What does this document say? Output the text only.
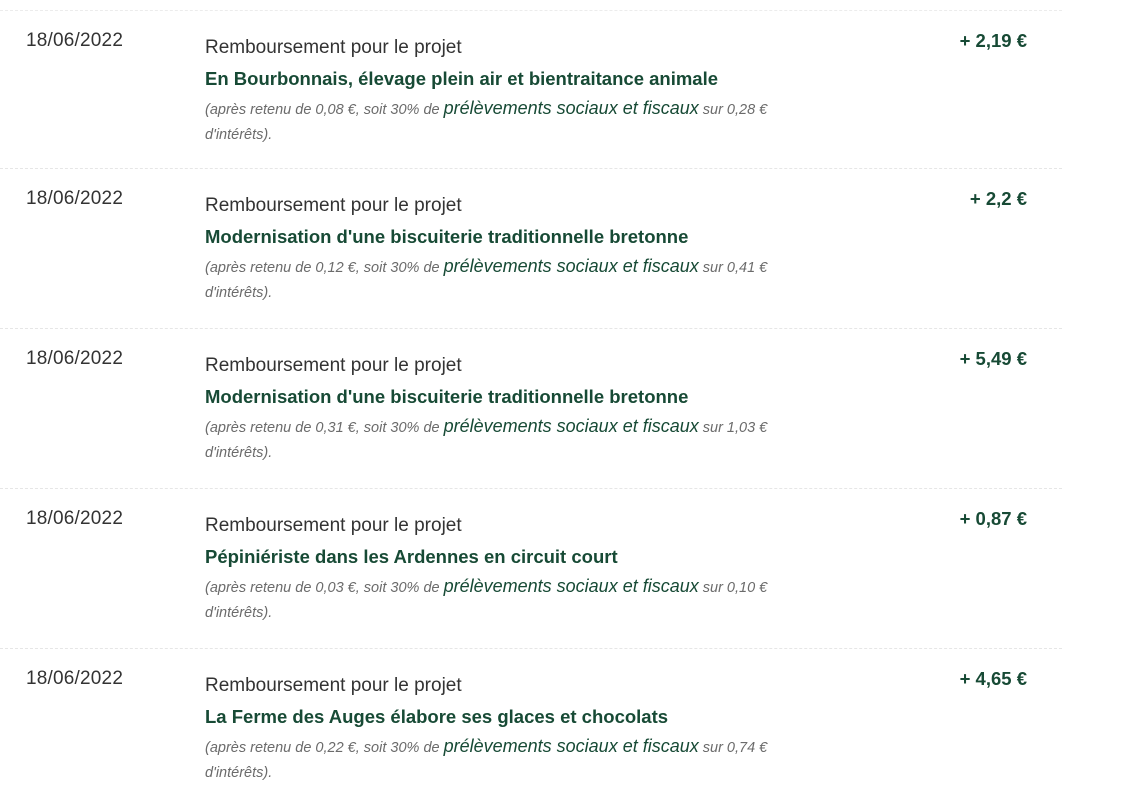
18/06/2022	Remboursement pour le projet
En Bourbonnais, élevage plein air et bientraitance animale
(après retenu de 0,08 €, soit 30% de prélèvements sociaux et fiscaux sur 0,28 € d'intérêts).
+ 2,19 €
18/06/2022	Remboursement pour le projet
Modernisation d'une biscuiterie traditionnelle bretonne
(après retenu de 0,12 €, soit 30% de prélèvements sociaux et fiscaux sur 0,41 € d'intérêts).
+ 2,2 €
18/06/2022	Remboursement pour le projet
Modernisation d'une biscuiterie traditionnelle bretonne
(après retenu de 0,31 €, soit 30% de prélèvements sociaux et fiscaux sur 1,03 € d'intérêts).
+ 5,49 €
18/06/2022	Remboursement pour le projet
Pépiniériste dans les Ardennes en circuit court
(après retenu de 0,03 €, soit 30% de prélèvements sociaux et fiscaux sur 0,10 € d'intérêts).
+ 0,87 €
18/06/2022	Remboursement pour le projet
La Ferme des Auges élabore ses glaces et chocolats
(après retenu de 0,22 €, soit 30% de prélèvements sociaux et fiscaux sur 0,74 € d'intérêts).
+ 4,65 €
